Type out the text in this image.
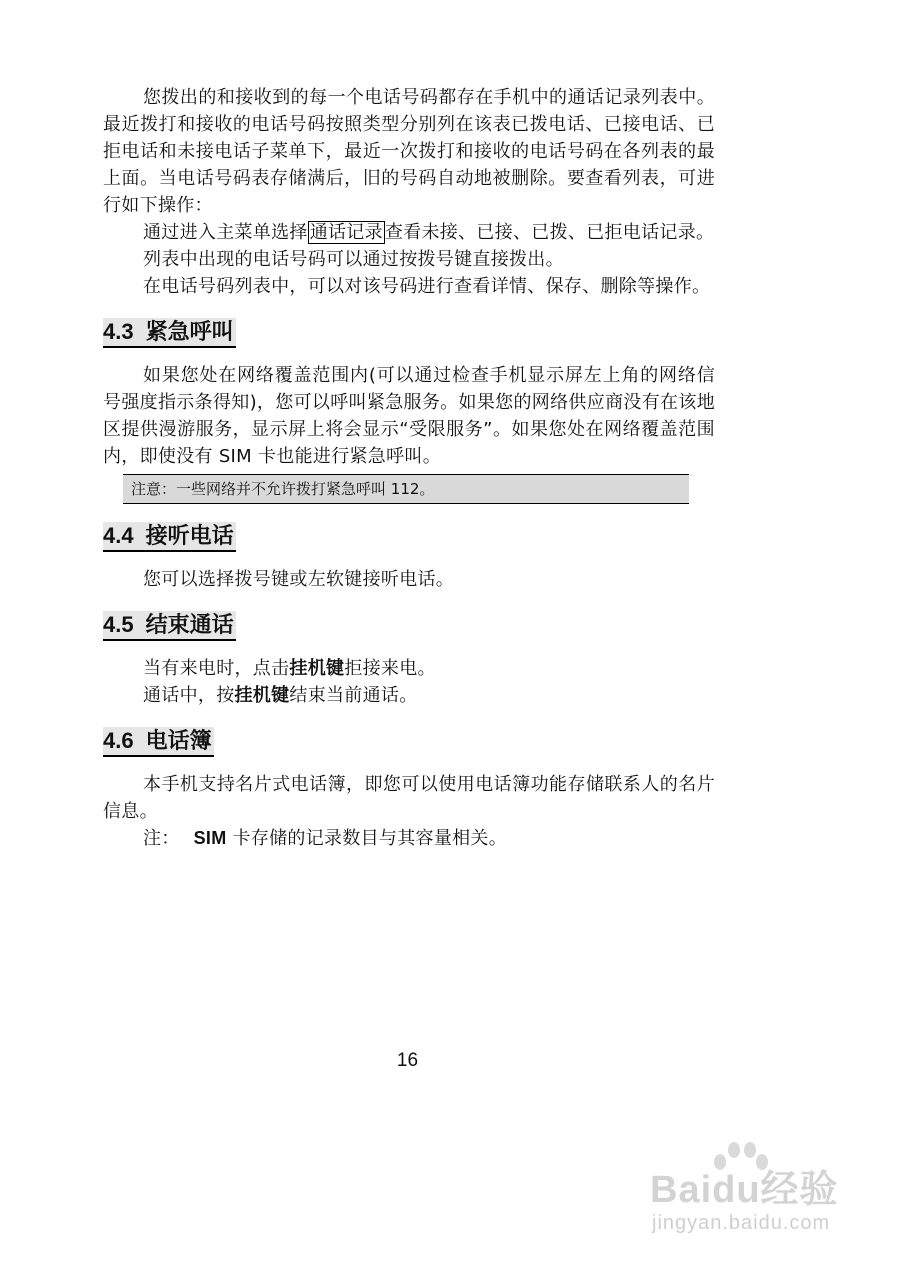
您拨出的和接收到的每一个电话号码都存在手机中的通话记录列表中。最近拨打和接收的电话号码按照类型分别列在该表已拨电话、已接电话、已拒电话和未接电话子菜单下，最近一次拨打和接收的电话号码在各列表的最上面。当电话号码表存储满后，旧的号码自动地被删除。要查看列表，可进行如下操作：

通过进入主菜单选择 通话记录 查看未接、已接、已拨、已拒电话记录。

列表中出现的电话号码可以通过按拨号键直接拨出。

在电话号码列表中，可以对该号码进行查看详情、保存、删除等操作。

4.3 紧急呼叫

如果您处在网络覆盖范围内(可以通过检查手机显示屏左上角的网络信号强度指示条得知)，您可以呼叫紧急服务。如果您的网络供应商没有在该地区提供漫游服务，显示屏上将会显示“受限服务”。如果您处在网络覆盖范围内，即使没有 SIM 卡也能进行紧急呼叫。

注意：一些网络并不允许拨打紧急呼叫 112。
4.4 接听电话

您可以选择拨号键或左软键接听电话。

4.5 结束通话

当有来电时，点击挂机键拒接来电。

通话中，按挂机键结束当前通话。

4.6 电话簿

本手机支持名片式电话簿，即您可以使用电话簿功能存储联系人的名片信息。

注： SIM 卡存储的记录数目与其容量相关。

16
Baidu经验
jingyan.baidu.com
